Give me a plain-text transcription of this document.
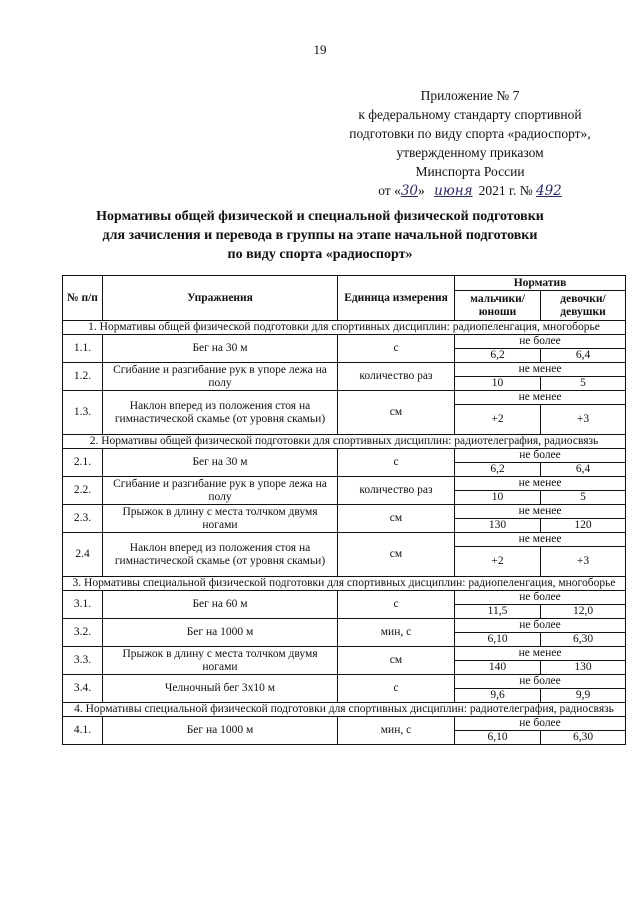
19
Приложение № 7
к федеральному стандарту спортивной
подготовки по виду спорта «радиоспорт»,
утвержденному приказом
Минспорта России
от «30» июня 2021 г. № 492
Нормативы общей физической и специальной физической подготовки
для зачисления и перевода в группы на этапе начальной подготовки
по виду спорта «радиоспорт»
№ п/п	Упражнения	Единица измерения	Норматив	
			мальчики/ юноши	девочки/ девушки
1. Нормативы общей физической подготовки для спортивных дисциплин: радиопеленгация, многоборье				
1.1.	Бег на 30 м	с	не более	
			6,2	6,4
1.2.	Сгибание и разгибание рук в упоре лежа на полу	количество раз	не менее	
			10	5
1.3.	Наклон вперед из положения стоя на гимнастической скамье (от уровня скамьи)	см	не менее	
			+2	+3
2. Нормативы общей физической подготовки для спортивных дисциплин: радиотелеграфия, радиосвязь				
2.1.	Бег на 30 м	с	не более	
			6,2	6,4
2.2.	Сгибание и разгибание рук в упоре лежа на полу	количество раз	не менее	
			10	5
2.3.	Прыжок в длину с места толчком двумя ногами	см	не менее	
			130	120
2.4	Наклон вперед из положения стоя на гимнастической скамье (от уровня скамьи)	см	не менее	
			+2	+3
3. Нормативы специальной физической подготовки для спортивных дисциплин: радиопеленгация, многоборье				
3.1.	Бег на 60 м	с	не более	
			11,5	12,0
3.2.	Бег на 1000 м	мин, с	не более	
			6,10	6,30
3.3.	Прыжок в длину с места толчком двумя ногами	см	не менее	
			140	130
3.4.	Челночный бег 3х10 м	с	не более	
			9,6	9,9
4. Нормативы специальной физической подготовки для спортивных дисциплин: радиотелеграфия, радиосвязь				
4.1.	Бег на 1000 м	мин, с	не более	
			6,10	6,30
